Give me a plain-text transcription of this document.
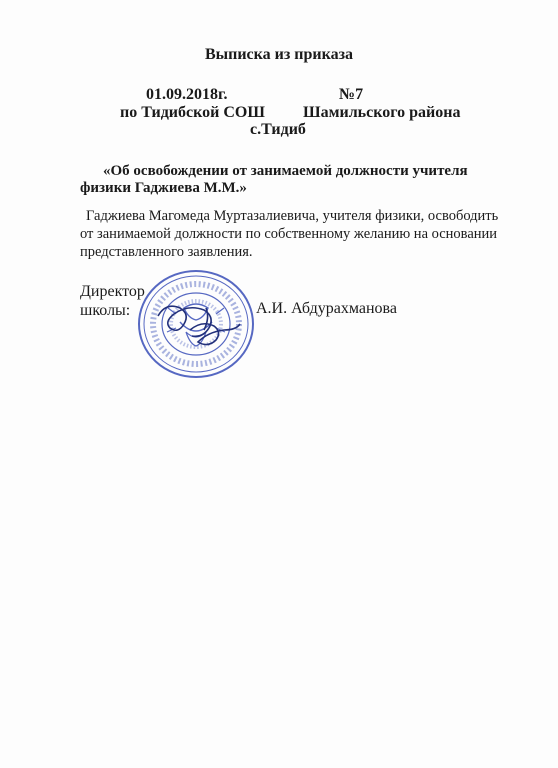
Выписка из приказа
01.09.2018г.	№7
по Тидибской СОШ Шамильского района
с.Тидиб
«Об освобождении от занимаемой должности учителя
физики Гаджиева М.М.»
Гаджиева Магомеда Муртазалиевича, учителя физики, освободить
от занимаемой должности по собственному желанию на основании
представленного заявления.
Директор
школы:	А.И. Абдурахманова
